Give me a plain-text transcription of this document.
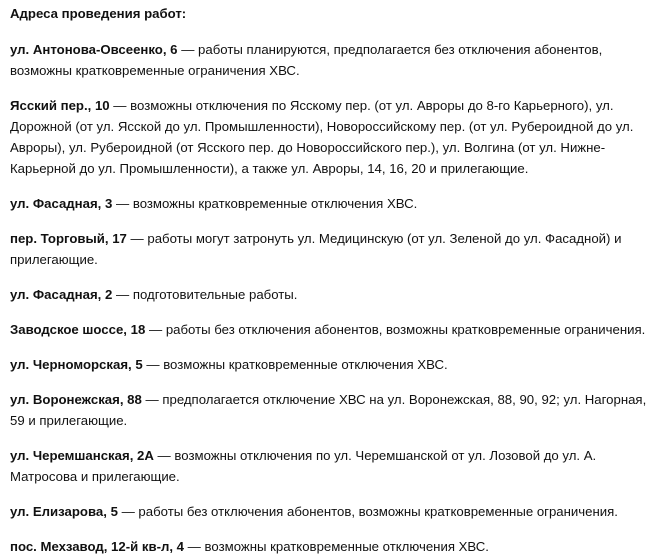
Адреса проведения работ:
ул. Антонова-Овсеенко, 6 — работы планируются, предполагается без отключения абонентов, возможны кратковременные ограничения ХВС.
Ясский пер., 10 — возможны отключения по Ясскому пер. (от ул. Авроры до 8-го Карьерного), ул. Дорожной (от ул. Ясской до ул. Промышленности), Новороссийскому пер. (от ул. Рубероидной до ул. Авроры), ул. Рубероидной (от Ясского пер. до Новороссийского пер.), ул. Волгина (от ул. Нижне-Карьерной до ул. Промышленности), а также ул. Авроры, 14, 16, 20 и прилегающие.
ул. Фасадная, 3 — возможны кратковременные отключения ХВС.
пер. Торговый, 17 — работы могут затронуть ул. Медицинскую (от ул. Зеленой до ул. Фасадной) и прилегающие.
ул. Фасадная, 2 — подготовительные работы.
Заводское шоссе, 18 — работы без отключения абонентов, возможны кратковременные ограничения.
ул. Черноморская, 5 — возможны кратковременные отключения ХВС.
ул. Воронежская, 88 — предполагается отключение ХВС на ул. Воронежская, 88, 90, 92; ул. Нагорная, 59 и прилегающие.
ул. Черемшанская, 2А — возможны отключения по ул. Черемшанской от ул. Лозовой до ул. А. Матросова и прилегающие.
ул. Елизарова, 5 — работы без отключения абонентов, возможны кратковременные ограничения.
пос. Мехзавод, 12-й кв-л, 4 — возможны кратковременные отключения ХВС.
